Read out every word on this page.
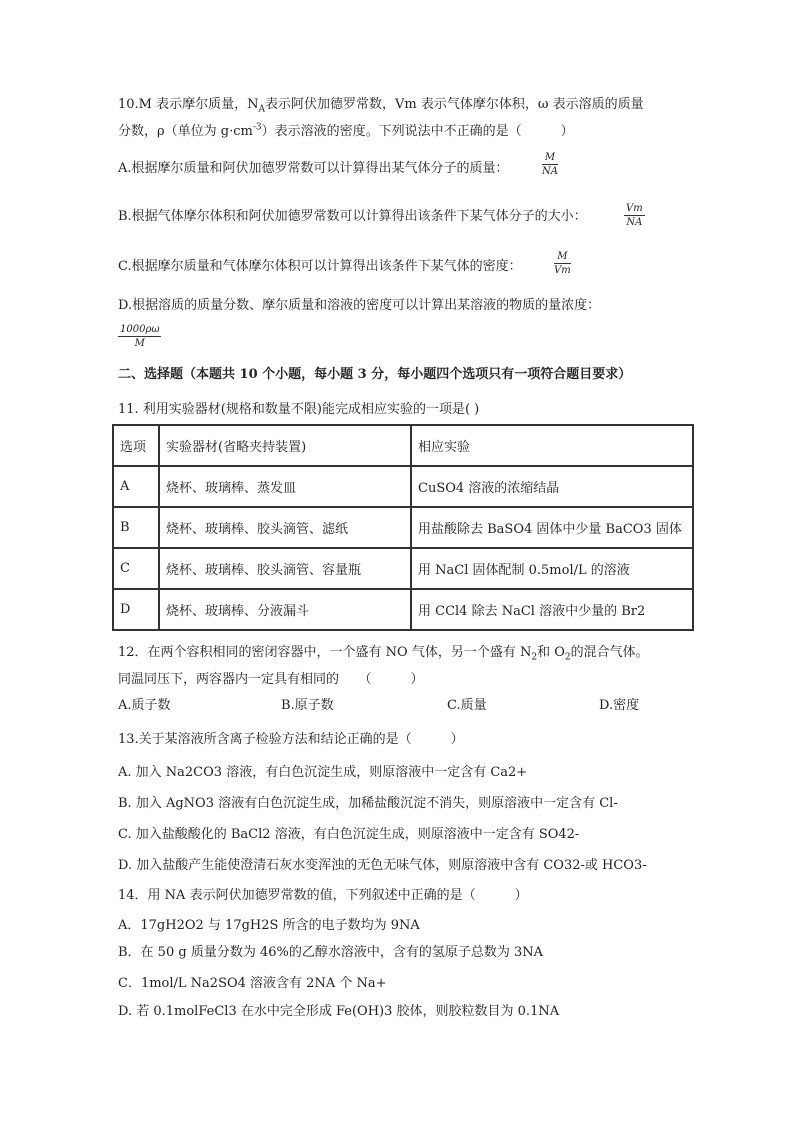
10.M 表示摩尔质量，$N_A$表示阿伏加德罗常数，Vm 表示气体摩尔体积，ω 表示溶质的质量
分数，ρ（单位为 $g\cdot cm^{-3}$）表示溶液的密度。下列说法中不正确的是（　　　）
A.根据摩尔质量和阿伏加德罗常数可以计算得出某气体分子的质量：	$\frac{M}{NA}$
B.根据气体摩尔体积和阿伏加德罗常数可以计算得出该条件下某气体分子的大小：	$\frac{Vm}{NA}$
C.根据摩尔质量和气体摩尔体积可以计算得出该条件下某气体的密度：	$\frac{M}{Vm}$
D.根据溶质的质量分数、摩尔质量和溶液的密度可以计算出某溶液的物质的量浓度：
$\frac{1000\rho\omega}{M}$
二、选择题（本题共 10 个小题，每小题 3 分，每小题四个选项只有一项符合题目要求）
11. 利用实验器材(规格和数量不限)能完成相应实验的一项是( )
选项	实验器材(省略夹持装置)	相应实验
A	烧杯、玻璃棒、蒸发皿	CuSO4 溶液的浓缩结晶
B	烧杯、玻璃棒、胶头滴管、滤纸	用盐酸除去 BaSO4 固体中少量 BaCO3 固体
C	烧杯、玻璃棒、胶头滴管、容量瓶	用 NaCl 固体配制 0.5mol/L 的溶液
D	烧杯、玻璃棒、分液漏斗	用 CCl4 除去 NaCl 溶液中少量的 Br2
12．在两个容积相同的密闭容器中，一个盛有 NO 气体，另一个盛有 $N_2$和 $O_2$的混合气体。
同温同压下，两容器内一定具有相同的　　（　　　）
A.质子数	B.原子数	C.质量	D.密度
13.关于某溶液所含离子检验方法和结论正确的是（　　　）
A. 加入 Na2CO3 溶液，有白色沉淀生成，则原溶液中一定含有 Ca2+
B. 加入 AgNO3 溶液有白色沉淀生成，加稀盐酸沉淀不消失，则原溶液中一定含有 Cl-
C. 加入盐酸酸化的 BaCl2 溶液，有白色沉淀生成，则原溶液中一定含有 SO42-
D. 加入盐酸产生能使澄清石灰水变浑浊的无色无味气体，则原溶液中含有 CO32-或 HCO3-
14．用 NA 表示阿伏加德罗常数的值，下列叙述中正确的是（　　　）
A．17gH2O2 与 17gH2S 所含的电子数均为 9NA
B．在 50 g 质量分数为 46%的乙醇水溶液中，含有的氢原子总数为 3NA
C．1mol/L Na2SO4 溶液含有 2NA 个 Na+
D. 若 0.1molFeCl3 在水中完全形成 Fe(OH)3 胶体，则胶粒数目为 0.1NA
